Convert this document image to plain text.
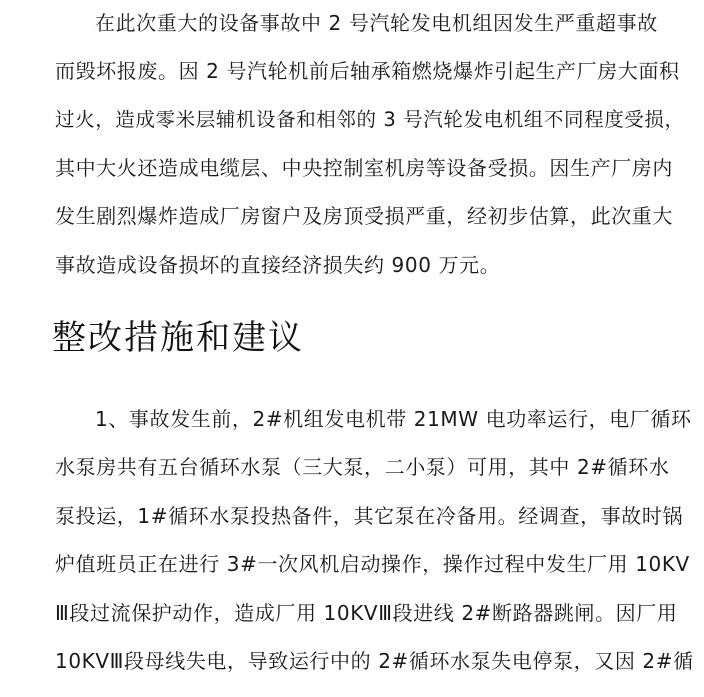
在此次重大的设备事故中 2 号汽轮发电机组因发生严重超事故
而毁坏报废。因 2 号汽轮机前后轴承箱燃烧爆炸引起生产厂房大面积
过火，造成零米层辅机设备和相邻的 3 号汽轮发电机组不同程度受损，
其中大火还造成电缆层、中央控制室机房等设备受损。因生产厂房内
发生剧烈爆炸造成厂房窗户及房顶受损严重，经初步估算，此次重大
事故造成设备损坏的直接经济损失约 900 万元。
整改措施和建议
1、事故发生前，2#机组发电机带 21MW 电功率运行，电厂循环
水泵房共有五台循环水泵（三大泵，二小泵）可用，其中 2#循环水
泵投运，1#循环水泵投热备件，其它泵在冷备用。经调查，事故时锅
炉值班员正在进行 3#一次风机启动操作，操作过程中发生厂用 10KV
Ⅲ段过流保护动作，造成厂用 10KVⅢ段进线 2#断路器跳闸。因厂用
10KVⅢ段母线失电，导致运行中的 2#循环水泵失电停泵，又因 2#循
